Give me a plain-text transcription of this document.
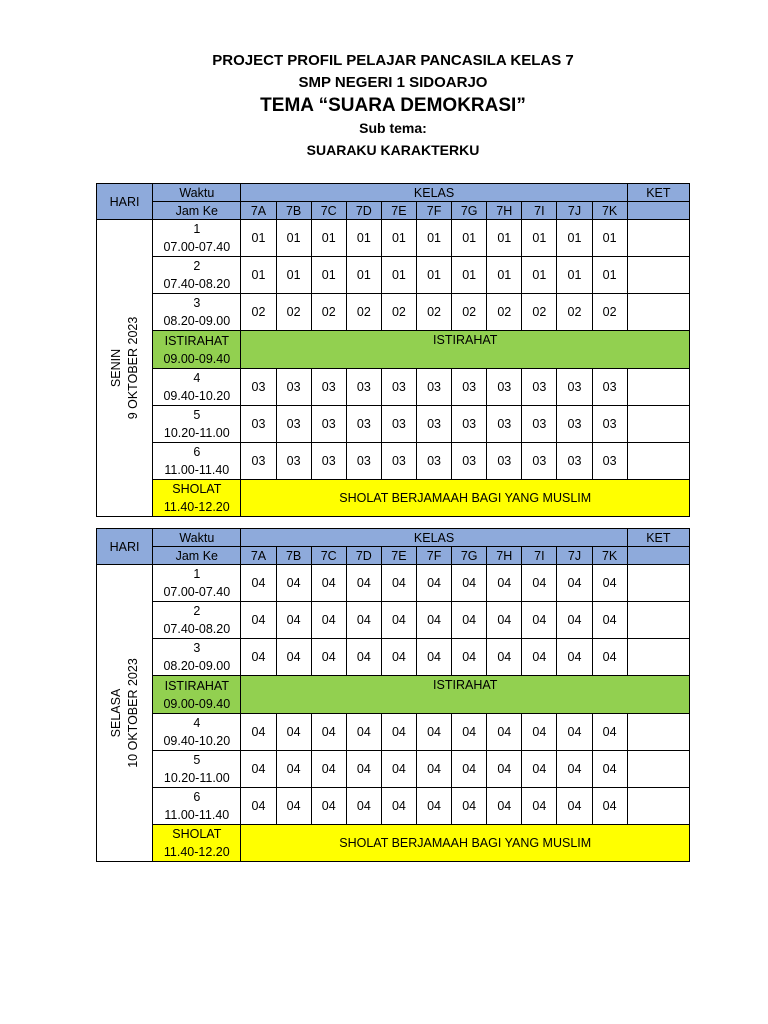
PROJECT PROFIL PELAJAR PANCASILA KELAS 7
SMP NEGERI 1 SIDOARJO
TEMA “SUARA DEMOKRASI”
Sub tema:
SUARAKU KARAKTERKU
HARI	Waktu	KELAS											KET
	Jam Ke	7A	7B	7C	7D	7E	7F	7G	7H	7I	7J	7K	

SENIN 9 OKTOBER 2023	1
07.00-07.40	01	01	01	01	01	01	01	01	01	01	01	

	2
07.40-08.20	01	01	01	01	01	01	01	01	01	01	01	

	3
08.20-09.00	02	02	02	02	02	02	02	02	02	02	02	

	ISTIRAHAT
09.00-09.40	ISTIRAHAT											

	4
09.40-10.20	03	03	03	03	03	03	03	03	03	03	03	

	5
10.20-11.00	03	03	03	03	03	03	03	03	03	03	03	

	6
11.00-11.40	03	03	03	03	03	03	03	03	03	03	03	

	SHOLAT
11.40-12.20	SHOLAT BERJAMAAH BAGI YANG MUSLIM											
HARI	Waktu	KELAS											KET
	Jam Ke	7A	7B	7C	7D	7E	7F	7G	7H	7I	7J	7K	

SELASA 10 OKTOBER 2023	1
07.00-07.40	04	04	04	04	04	04	04	04	04	04	04	

	2
07.40-08.20	04	04	04	04	04	04	04	04	04	04	04	

	3
08.20-09.00	04	04	04	04	04	04	04	04	04	04	04	

	ISTIRAHAT
09.00-09.40	ISTIRAHAT											

	4
09.40-10.20	04	04	04	04	04	04	04	04	04	04	04	

	5
10.20-11.00	04	04	04	04	04	04	04	04	04	04	04	

	6
11.00-11.40	04	04	04	04	04	04	04	04	04	04	04	

	SHOLAT
11.40-12.20	SHOLAT BERJAMAAH BAGI YANG MUSLIM											
